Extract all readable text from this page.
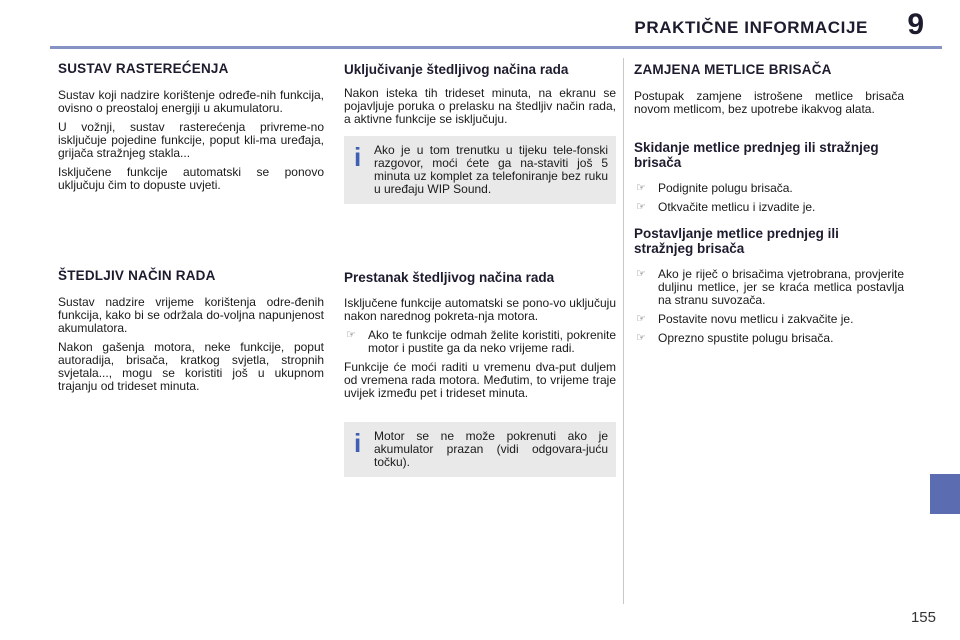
PRAKTIČNE INFORMACIJE 9
SUSTAV RASTEREĆENJA

Sustav koji nadzire korištenje određe-nih funkcija, ovisno o preostaloj energiji u akumulatoru.

U vožnji, sustav rasterećenja privreme-no isključuje pojedine funkcije, poput kli-ma uređaja, grijača stražnjeg stakla...

Isključene funkcije automatski se ponovo uključuju čim to dopuste uvjeti.

ŠTEDLJIV NAČIN RADA

Sustav nadzire vrijeme korištenja odre-đenih funkcija, kako bi se održala do-voljna napunjenost akumulatora.

Nakon gašenja motora, neke funkcije, poput autoradija, brisača, kratkog svjetla, stropnih svjetala..., mogu se koristiti još u ukupnom trajanju od trideset minuta.

Uključivanje štedljivog načina rada

Nakon isteka tih trideset minuta, na ekranu se pojavljuje poruka o prelasku na štedljiv način rada, a aktivne funkcije se isključuju.

i Ako je u tom trenutku u tijeku tele-fonski razgovor, moći ćete ga na-staviti još 5 minuta uz komplet za telefoniranje bez ruku u uređaju WIP Sound.

Prestanak štedljivog načina rada

Isključene funkcije automatski se pono-vo uključuju nakon narednog pokreta-nja motora.

☞ Ako te funkcije odmah želite koristiti, pokrenite motor i pustite ga da neko vrijeme radi.

Funkcije će moći raditi u vremenu dva-put duljem od vremena rada motora. Međutim, to vrijeme traje uvijek između pet i trideset minuta.

i Motor se ne može pokrenuti ako je akumulator prazan (vidi odgovara-juću točku).

ZAMJENA METLICE BRISAČA

Postupak zamjene istrošene metlice brisača novom metlicom, bez upotrebe ikakvog alata.

Skidanje metlice prednjeg ili stražnjeg brisača
☞ Podignite polugu brisača.
☞ Otkvačite metlicu i izvadite je.
Postavljanje metlice prednjeg ili stražnjeg brisača
☞ Ako je riječ o brisačima vjetrobrana, provjerite duljinu metlice, jer se kraća metlica postavlja na stranu suvozača.
☞ Postavite novu metlicu i zakvačite je.
☞ Oprezno spustite polugu brisača.
155
